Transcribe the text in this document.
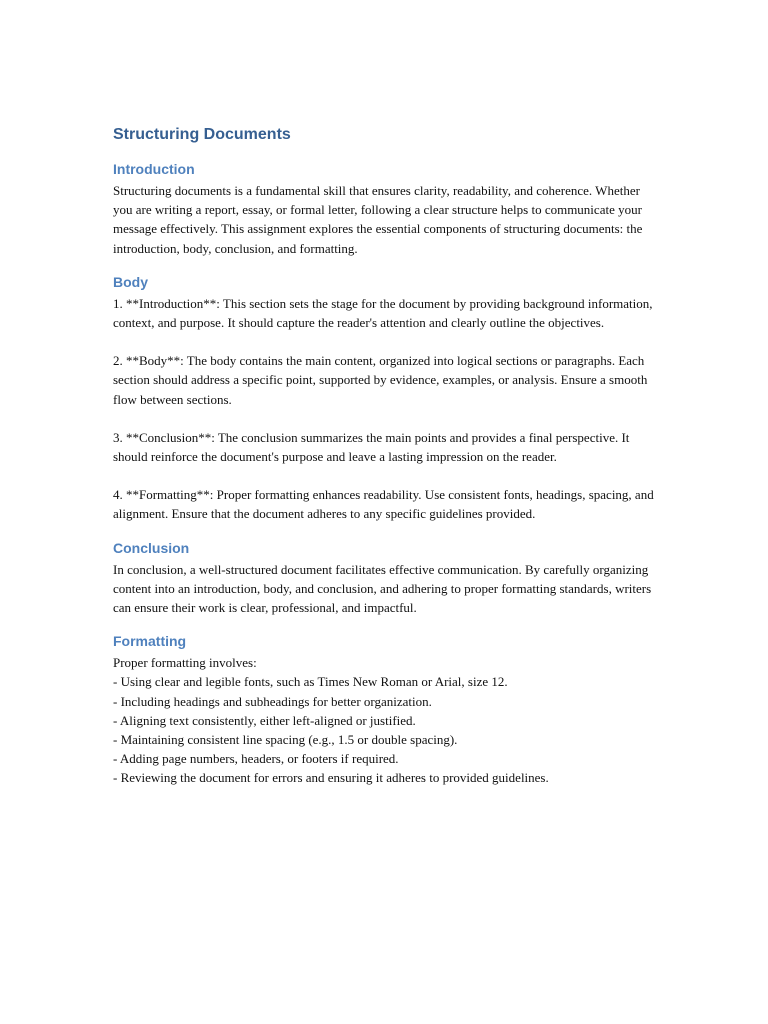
Structuring Documents
Introduction

Structuring documents is a fundamental skill that ensures clarity, readability, and coherence. Whether you are writing a report, essay, or formal letter, following a clear structure helps to communicate your message effectively. This assignment explores the essential components of structuring documents: the introduction, body, conclusion, and formatting.

Body

1. **Introduction**: This section sets the stage for the document by providing background information, context, and purpose. It should capture the reader's attention and clearly outline the objectives.

2. **Body**: The body contains the main content, organized into logical sections or paragraphs. Each section should address a specific point, supported by evidence, examples, or analysis. Ensure a smooth flow between sections.

3. **Conclusion**: The conclusion summarizes the main points and provides a final perspective. It should reinforce the document's purpose and leave a lasting impression on the reader.

4. **Formatting**: Proper formatting enhances readability. Use consistent fonts, headings, spacing, and alignment. Ensure that the document adheres to any specific guidelines provided.

Conclusion

In conclusion, a well-structured document facilitates effective communication. By carefully organizing content into an introduction, body, and conclusion, and adhering to proper formatting standards, writers can ensure their work is clear, professional, and impactful.

Formatting
Proper formatting involves:
- Using clear and legible fonts, such as Times New Roman or Arial, size 12.
- Including headings and subheadings for better organization.
- Aligning text consistently, either left-aligned or justified.
- Maintaining consistent line spacing (e.g., 1.5 or double spacing).
- Adding page numbers, headers, or footers if required.
- Reviewing the document for errors and ensuring it adheres to provided guidelines.
